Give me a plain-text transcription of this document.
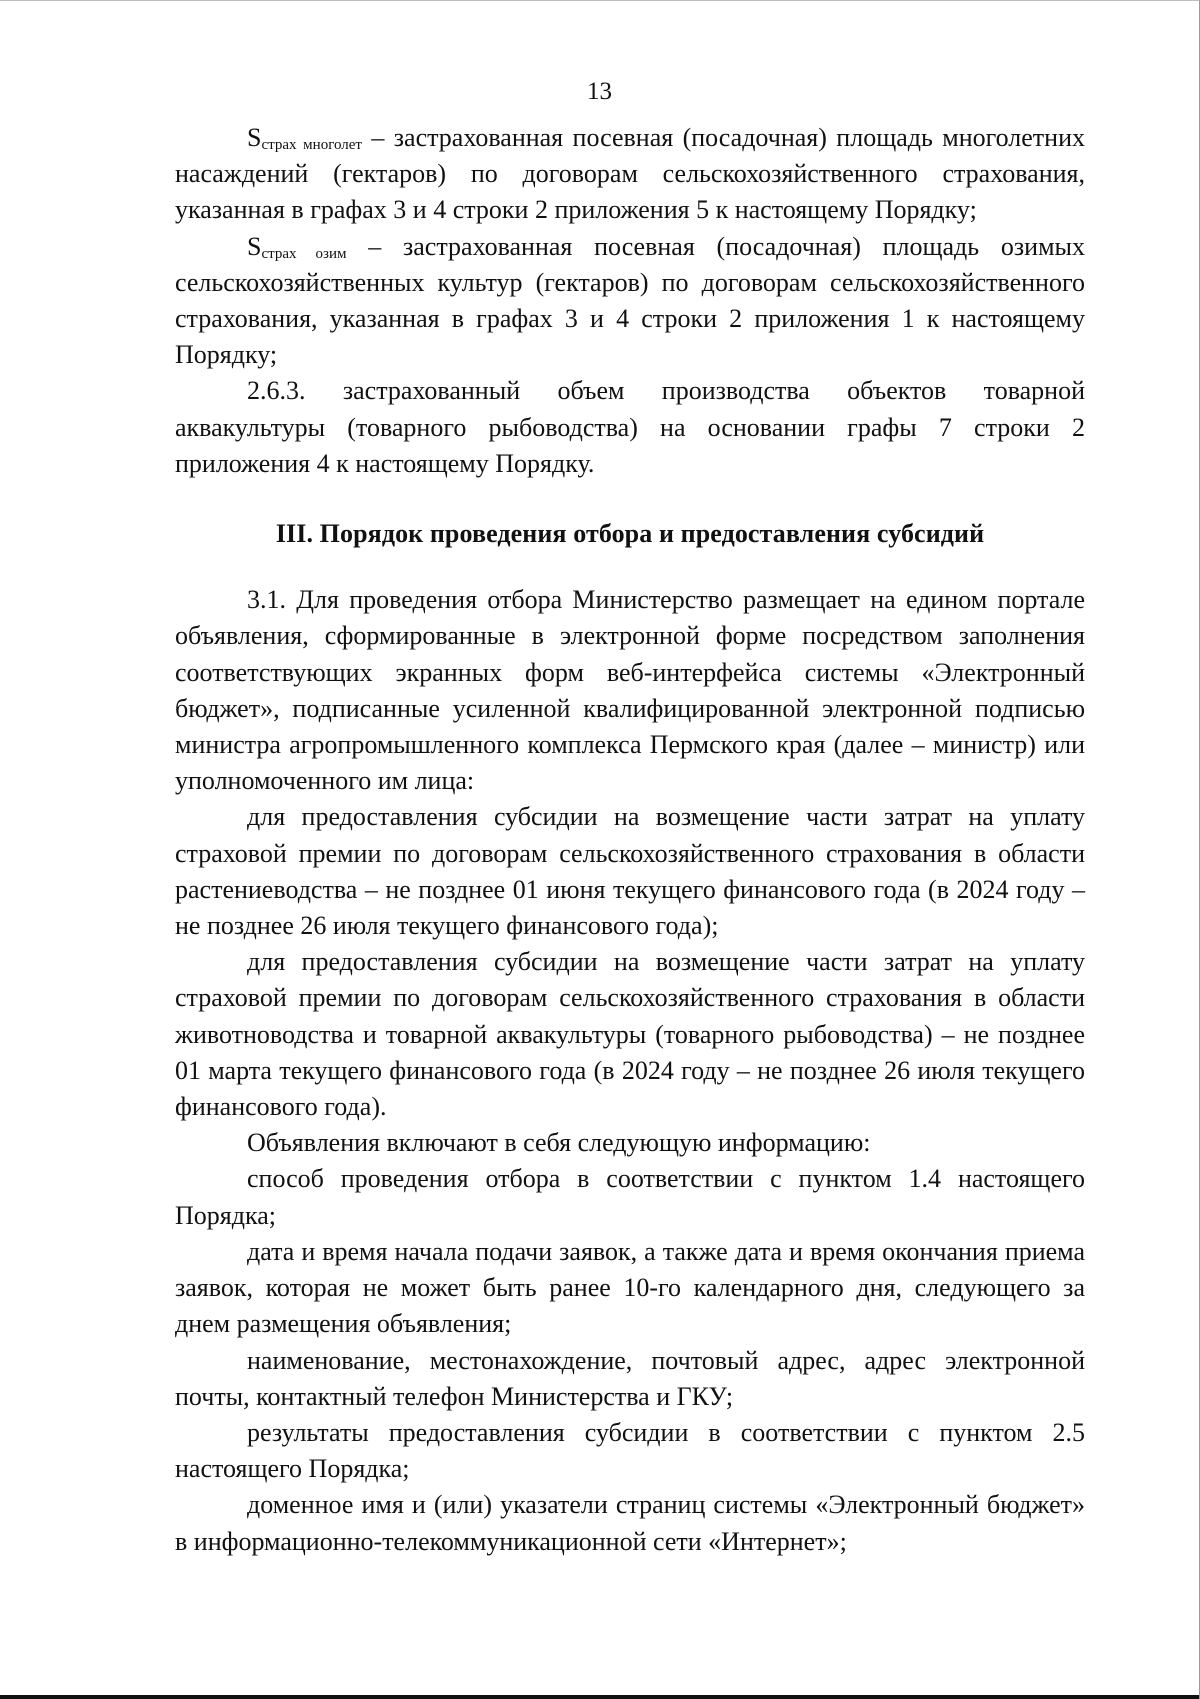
13

$S_{страх многолет}$ – застрахованная посевная (посадочная) площадь многолетних насаждений (гектаров) по договорам сельскохозяйственного страхования, указанная в графах 3 и 4 строки 2 приложения 5 к настоящему Порядку;

$S_{страх озим}$ – застрахованная посевная (посадочная) площадь озимых сельскохозяйственных культур (гектаров) по договорам сельскохозяйственного страхования, указанная в графах 3 и 4 строки 2 приложения 1 к настоящему Порядку;

2.6.3. застрахованный объем производства объектов товарной аквакультуры (товарного рыбоводства) на основании графы 7 строки 2 приложения 4 к настоящему Порядку.

III. Порядок проведения отбора и предоставления субсидий

3.1. Для проведения отбора Министерство размещает на едином портале объявления, сформированные в электронной форме посредством заполнения соответствующих экранных форм веб-интерфейса системы «Электронный бюджет», подписанные усиленной квалифицированной электронной подписью министра агропромышленного комплекса Пермского края (далее – министр) или уполномоченного им лица:

для предоставления субсидии на возмещение части затрат на уплату страховой премии по договорам сельскохозяйственного страхования в области растениеводства – не позднее 01 июня текущего финансового года (в 2024 году – не позднее 26 июля текущего финансового года);

для предоставления субсидии на возмещение части затрат на уплату страховой премии по договорам сельскохозяйственного страхования в области животноводства и товарной аквакультуры (товарного рыбоводства) – не позднее 01 марта текущего финансового года (в 2024 году – не позднее 26 июля текущего финансового года).

Объявления включают в себя следующую информацию:

способ проведения отбора в соответствии с пунктом 1.4 настоящего Порядка;

дата и время начала подачи заявок, а также дата и время окончания приема заявок, которая не может быть ранее 10-го календарного дня, следующего за днем размещения объявления;

наименование, местонахождение, почтовый адрес, адрес электронной почты, контактный телефон Министерства и ГКУ;

результаты предоставления субсидии в соответствии с пунктом 2.5 настоящего Порядка;

доменное имя и (или) указатели страниц системы «Электронный бюджет» в информационно-телекоммуникационной сети «Интернет»;
